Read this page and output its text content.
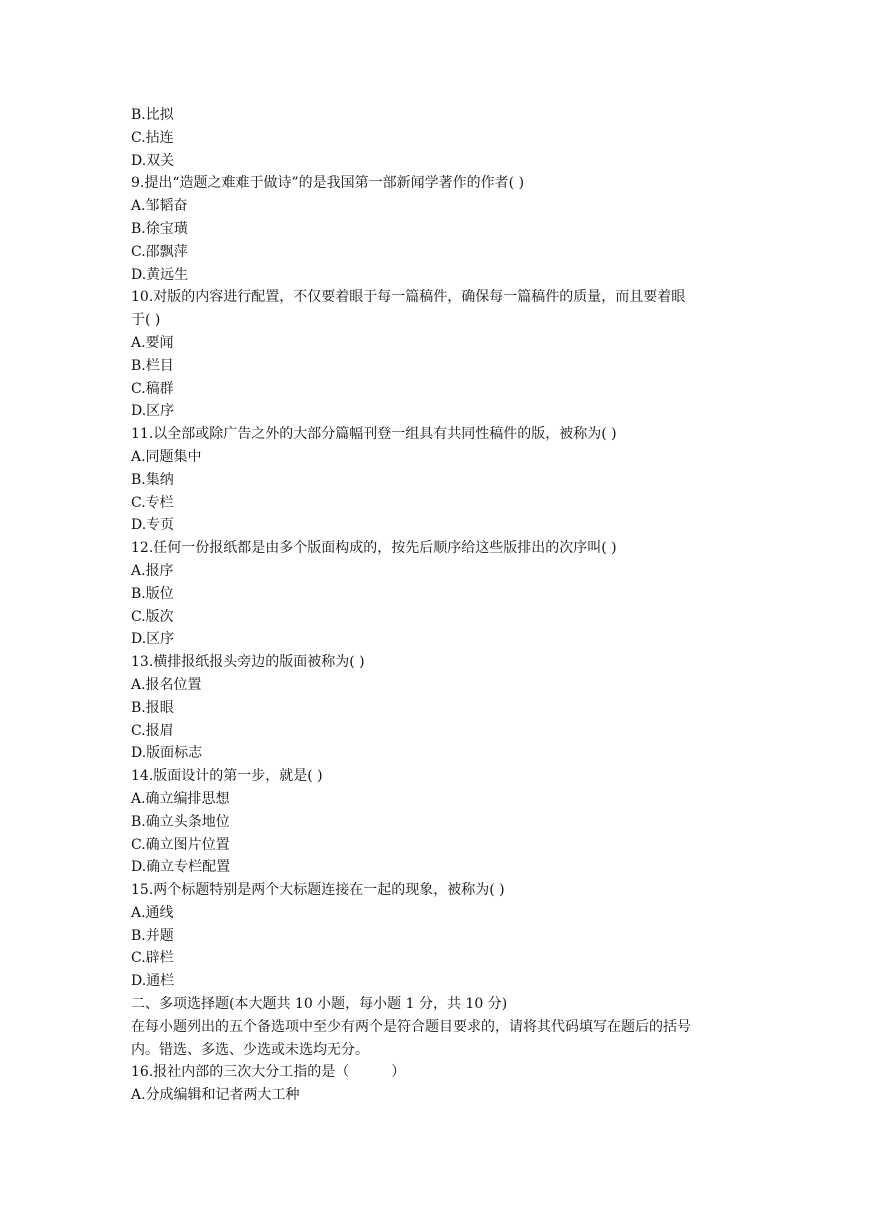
B.比拟
C.拈连
D.双关
9.提出“造题之难难于做诗”的是我国第一部新闻学著作的作者( )
A.邹韬奋
B.徐宝璜
C.邵飘萍
D.黄远生
10.对版的内容进行配置，不仅要着眼于每一篇稿件，确保每一篇稿件的质量，而且要着眼
于( )
A.要闻
B.栏目
C.稿群
D.区序
11.以全部或除广告之外的大部分篇幅刊登一组具有共同性稿件的版，被称为( )
A.同题集中
B.集纳
C.专栏
D.专页
12.任何一份报纸都是由多个版面构成的，按先后顺序给这些版排出的次序叫( )
A.报序
B.版位
C.版次
D.区序
13.横排报纸报头旁边的版面被称为( )
A.报名位置
B.报眼
C.报眉
D.版面标志
14.版面设计的第一步，就是( )
A.确立编排思想
B.确立头条地位
C.确立图片位置
D.确立专栏配置
15.两个标题特别是两个大标题连接在一起的现象，被称为( )
A.通线
B.并题
C.辟栏
D.通栏
二、多项选择题(本大题共 10 小题，每小题 1 分，共 10 分)
在每小题列出的五个备选项中至少有两个是符合题目要求的，请将其代码填写在题后的括号
内。错选、多选、少选或未选均无分。
16.报社内部的三次大分工指的是（　　　）
A.分成编辑和记者两大工种
